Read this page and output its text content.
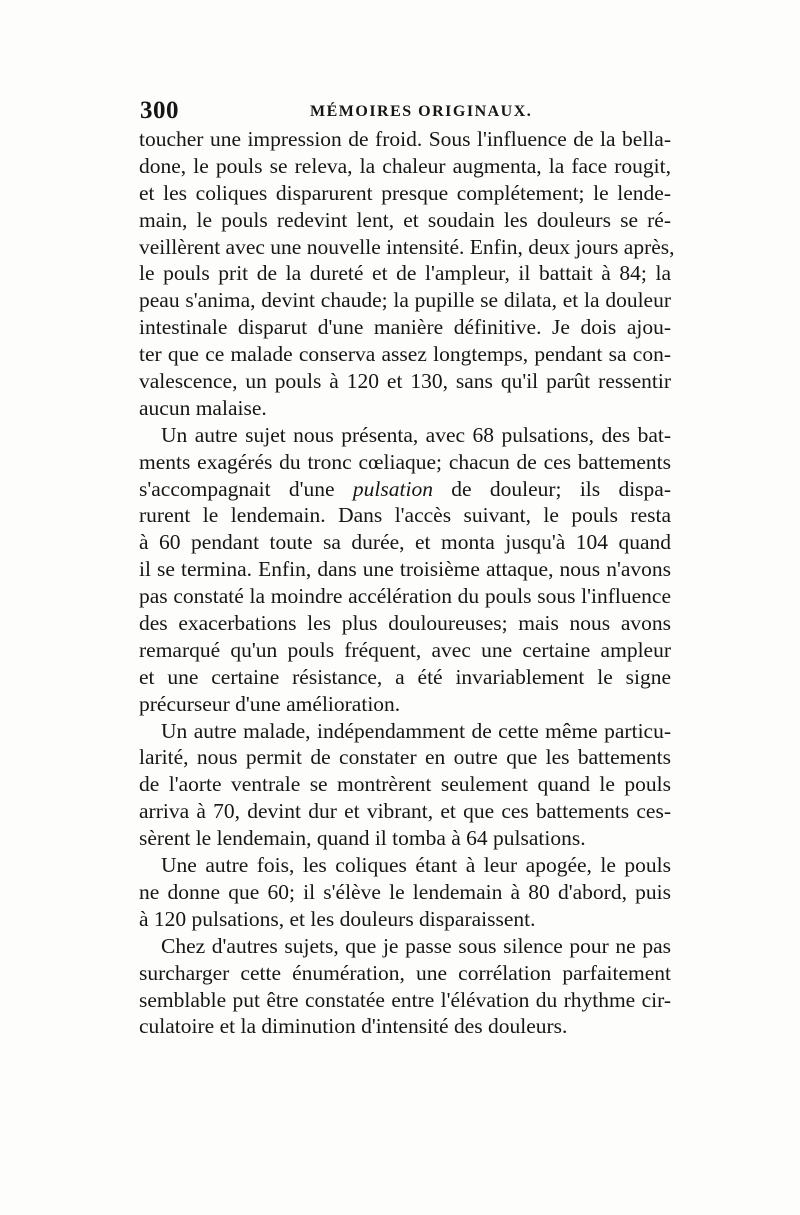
300	MÉMOIRES ORIGINAUX.
toucher une impression de froid. Sous l'influence de la bella-
done, le pouls se releva, la chaleur augmenta, la face rougit,
et les coliques disparurent presque complétement; le lende-
main, le pouls redevint lent, et soudain les douleurs se ré-
veillèrent avec une nouvelle intensité. Enfin, deux jours après,
le pouls prit de la dureté et de l'ampleur, il battait à 84; la
peau s'anima, devint chaude; la pupille se dilata, et la douleur
intestinale disparut d'une manière définitive. Je dois ajou-
ter que ce malade conserva assez longtemps, pendant sa con-
valescence, un pouls à 120 et 130, sans qu'il parût ressentir
aucun malaise.
Un autre sujet nous présenta, avec 68 pulsations, des bat-
ments exagérés du tronc cœliaque; chacun de ces battements
s'accompagnait d'une pulsation de douleur; ils dispa-
rurent le lendemain. Dans l'accès suivant, le pouls resta
à 60 pendant toute sa durée, et monta jusqu'à 104 quand
il se termina. Enfin, dans une troisième attaque, nous n'avons
pas constaté la moindre accélération du pouls sous l'influence
des exacerbations les plus douloureuses; mais nous avons
remarqué qu'un pouls fréquent, avec une certaine ampleur
et une certaine résistance, a été invariablement le signe
précurseur d'une amélioration.
Un autre malade, indépendamment de cette même particu-
larité, nous permit de constater en outre que les battements
de l'aorte ventrale se montrèrent seulement quand le pouls
arriva à 70, devint dur et vibrant, et que ces battements ces-
sèrent le lendemain, quand il tomba à 64 pulsations.
Une autre fois, les coliques étant à leur apogée, le pouls
ne donne que 60; il s'élève le lendemain à 80 d'abord, puis
à 120 pulsations, et les douleurs disparaissent.
Chez d'autres sujets, que je passe sous silence pour ne pas
surcharger cette énumération, une corrélation parfaitement
semblable put être constatée entre l'élévation du rhythme cir-
culatoire et la diminution d'intensité des douleurs.
